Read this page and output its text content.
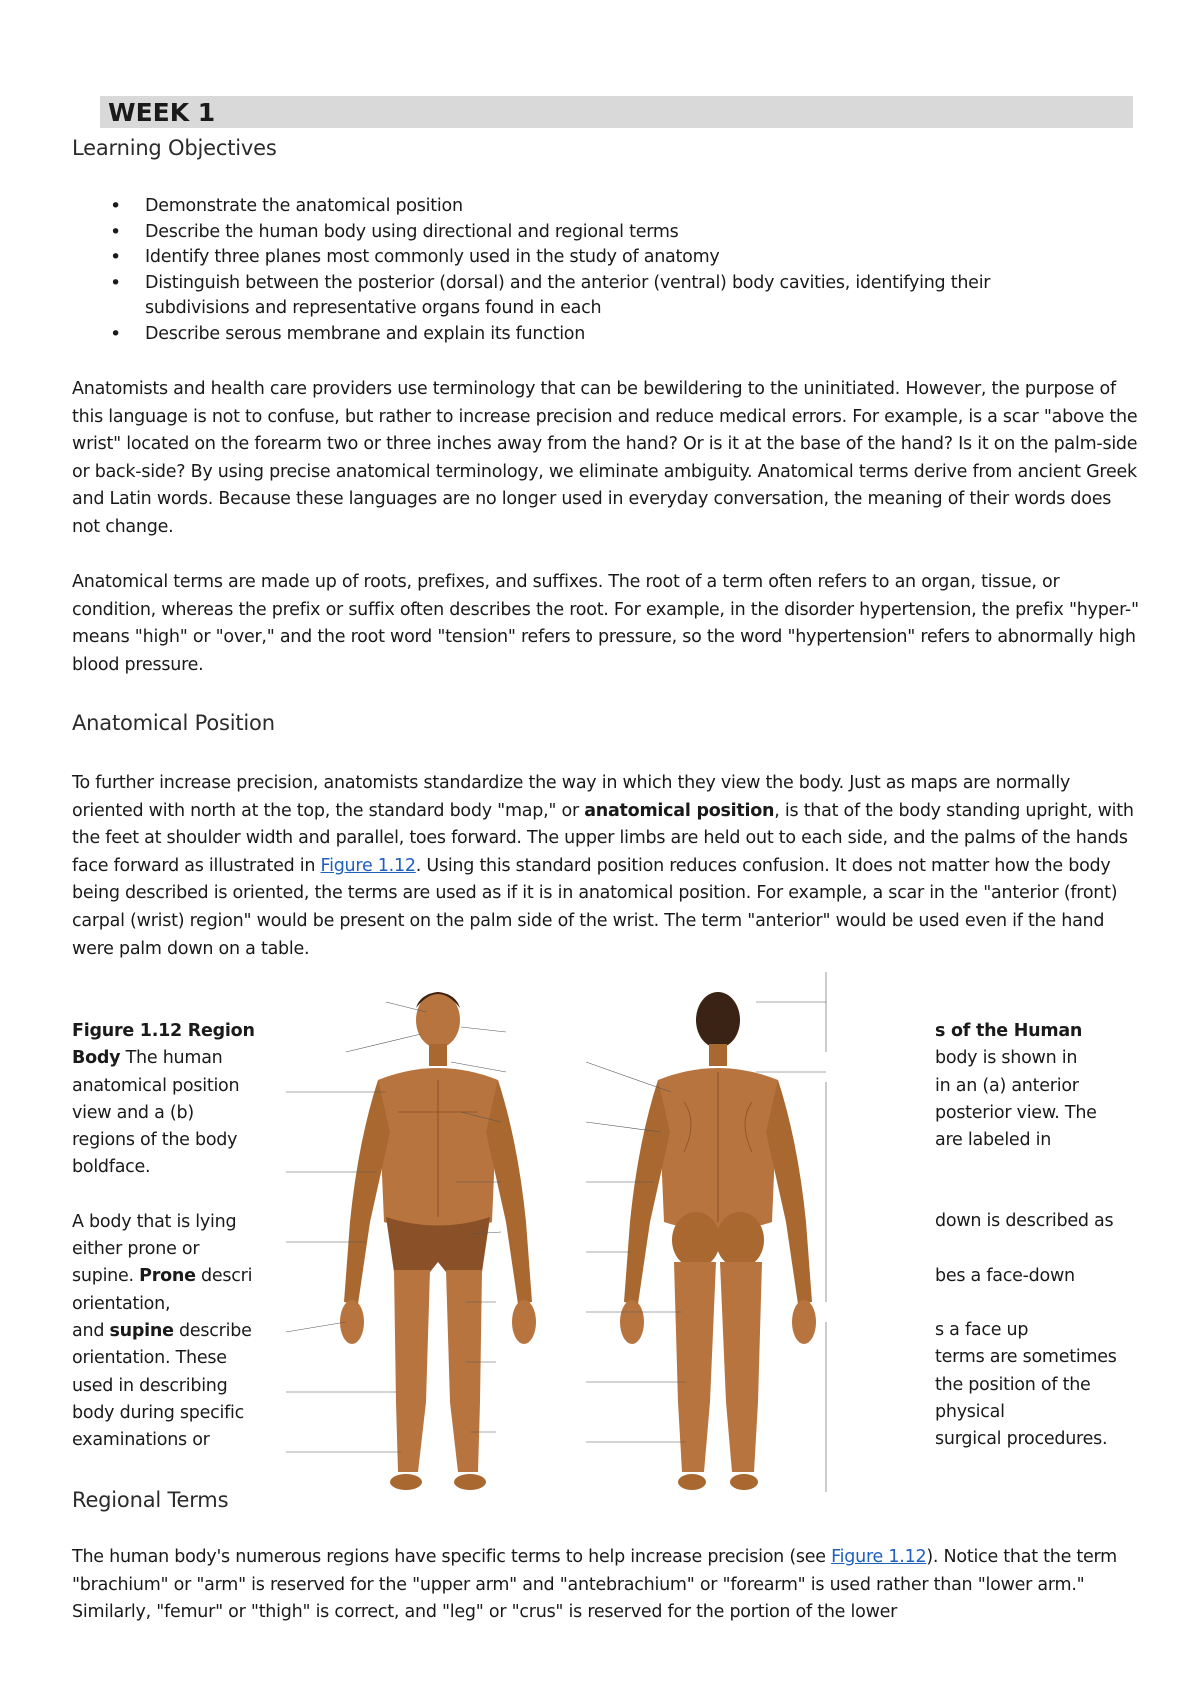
WEEK 1
Learning Objectives
• Demonstrate the anatomical position
• Describe the human body using directional and regional terms
• Identify three planes most commonly used in the study of anatomy
• Distinguish between the posterior (dorsal) and the anterior (ventral) body cavities, identifying their subdivisions and representative organs found in each
• Describe serous membrane and explain its function

Anatomists and health care providers use terminology that can be bewildering to the uninitiated. However, the purpose of this language is not to confuse, but rather to increase precision and reduce medical errors. For example, is a scar "above the wrist" located on the forearm two or three inches away from the hand? Or is it at the base of the hand? Is it on the palm-side or back-side? By using precise anatomical terminology, we eliminate ambiguity. Anatomical terms derive from ancient Greek and Latin words. Because these languages are no longer used in everyday conversation, the meaning of their words does not change.

Anatomical terms are made up of roots, prefixes, and suffixes. The root of a term often refers to an organ, tissue, or condition, whereas the prefix or suffix often describes the root. For example, in the disorder hypertension, the prefix "hyper-" means "high" or "over," and the root word "tension" refers to pressure, so the word "hypertension" refers to abnormally high blood pressure.

Anatomical Position

To further increase precision, anatomists standardize the way in which they view the body. Just as maps are normally oriented with north at the top, the standard body "map," or anatomical position, is that of the body standing upright, with the feet at shoulder width and parallel, toes forward. The upper limbs are held out to each side, and the palms of the hands face forward as illustrated in Figure 1.12. Using this standard position reduces confusion. It does not matter how the body being described is oriented, the terms are used as if it is in anatomical position. For example, a scar in the "anterior (front) carpal (wrist) region" would be present on the palm side of the wrist. The term "anterior" would be used even if the hand were palm down on a table.

Figure 1.12 Region

Body The human

anatomical position

view and a (b)

regions of the body

boldface.

A body that is lying

either prone or

supine. Prone descri

orientation,

and supine describe

orientation. These

used in describing

body during specific

examinations or

s of the Human

body is shown in

in an (a) anterior

posterior view. The

are labeled in

down is described as

bes a face-down

s a face up

terms are sometimes

the position of the

physical

surgical procedures.

Regional Terms

The human body's numerous regions have specific terms to help increase precision (see Figure 1.12). Notice that the term "brachium" or "arm" is reserved for the "upper arm" and "antebrachium" or "forearm" is used rather than "lower arm." Similarly, "femur" or "thigh" is correct, and "leg" or "crus" is reserved for the portion of the lower
